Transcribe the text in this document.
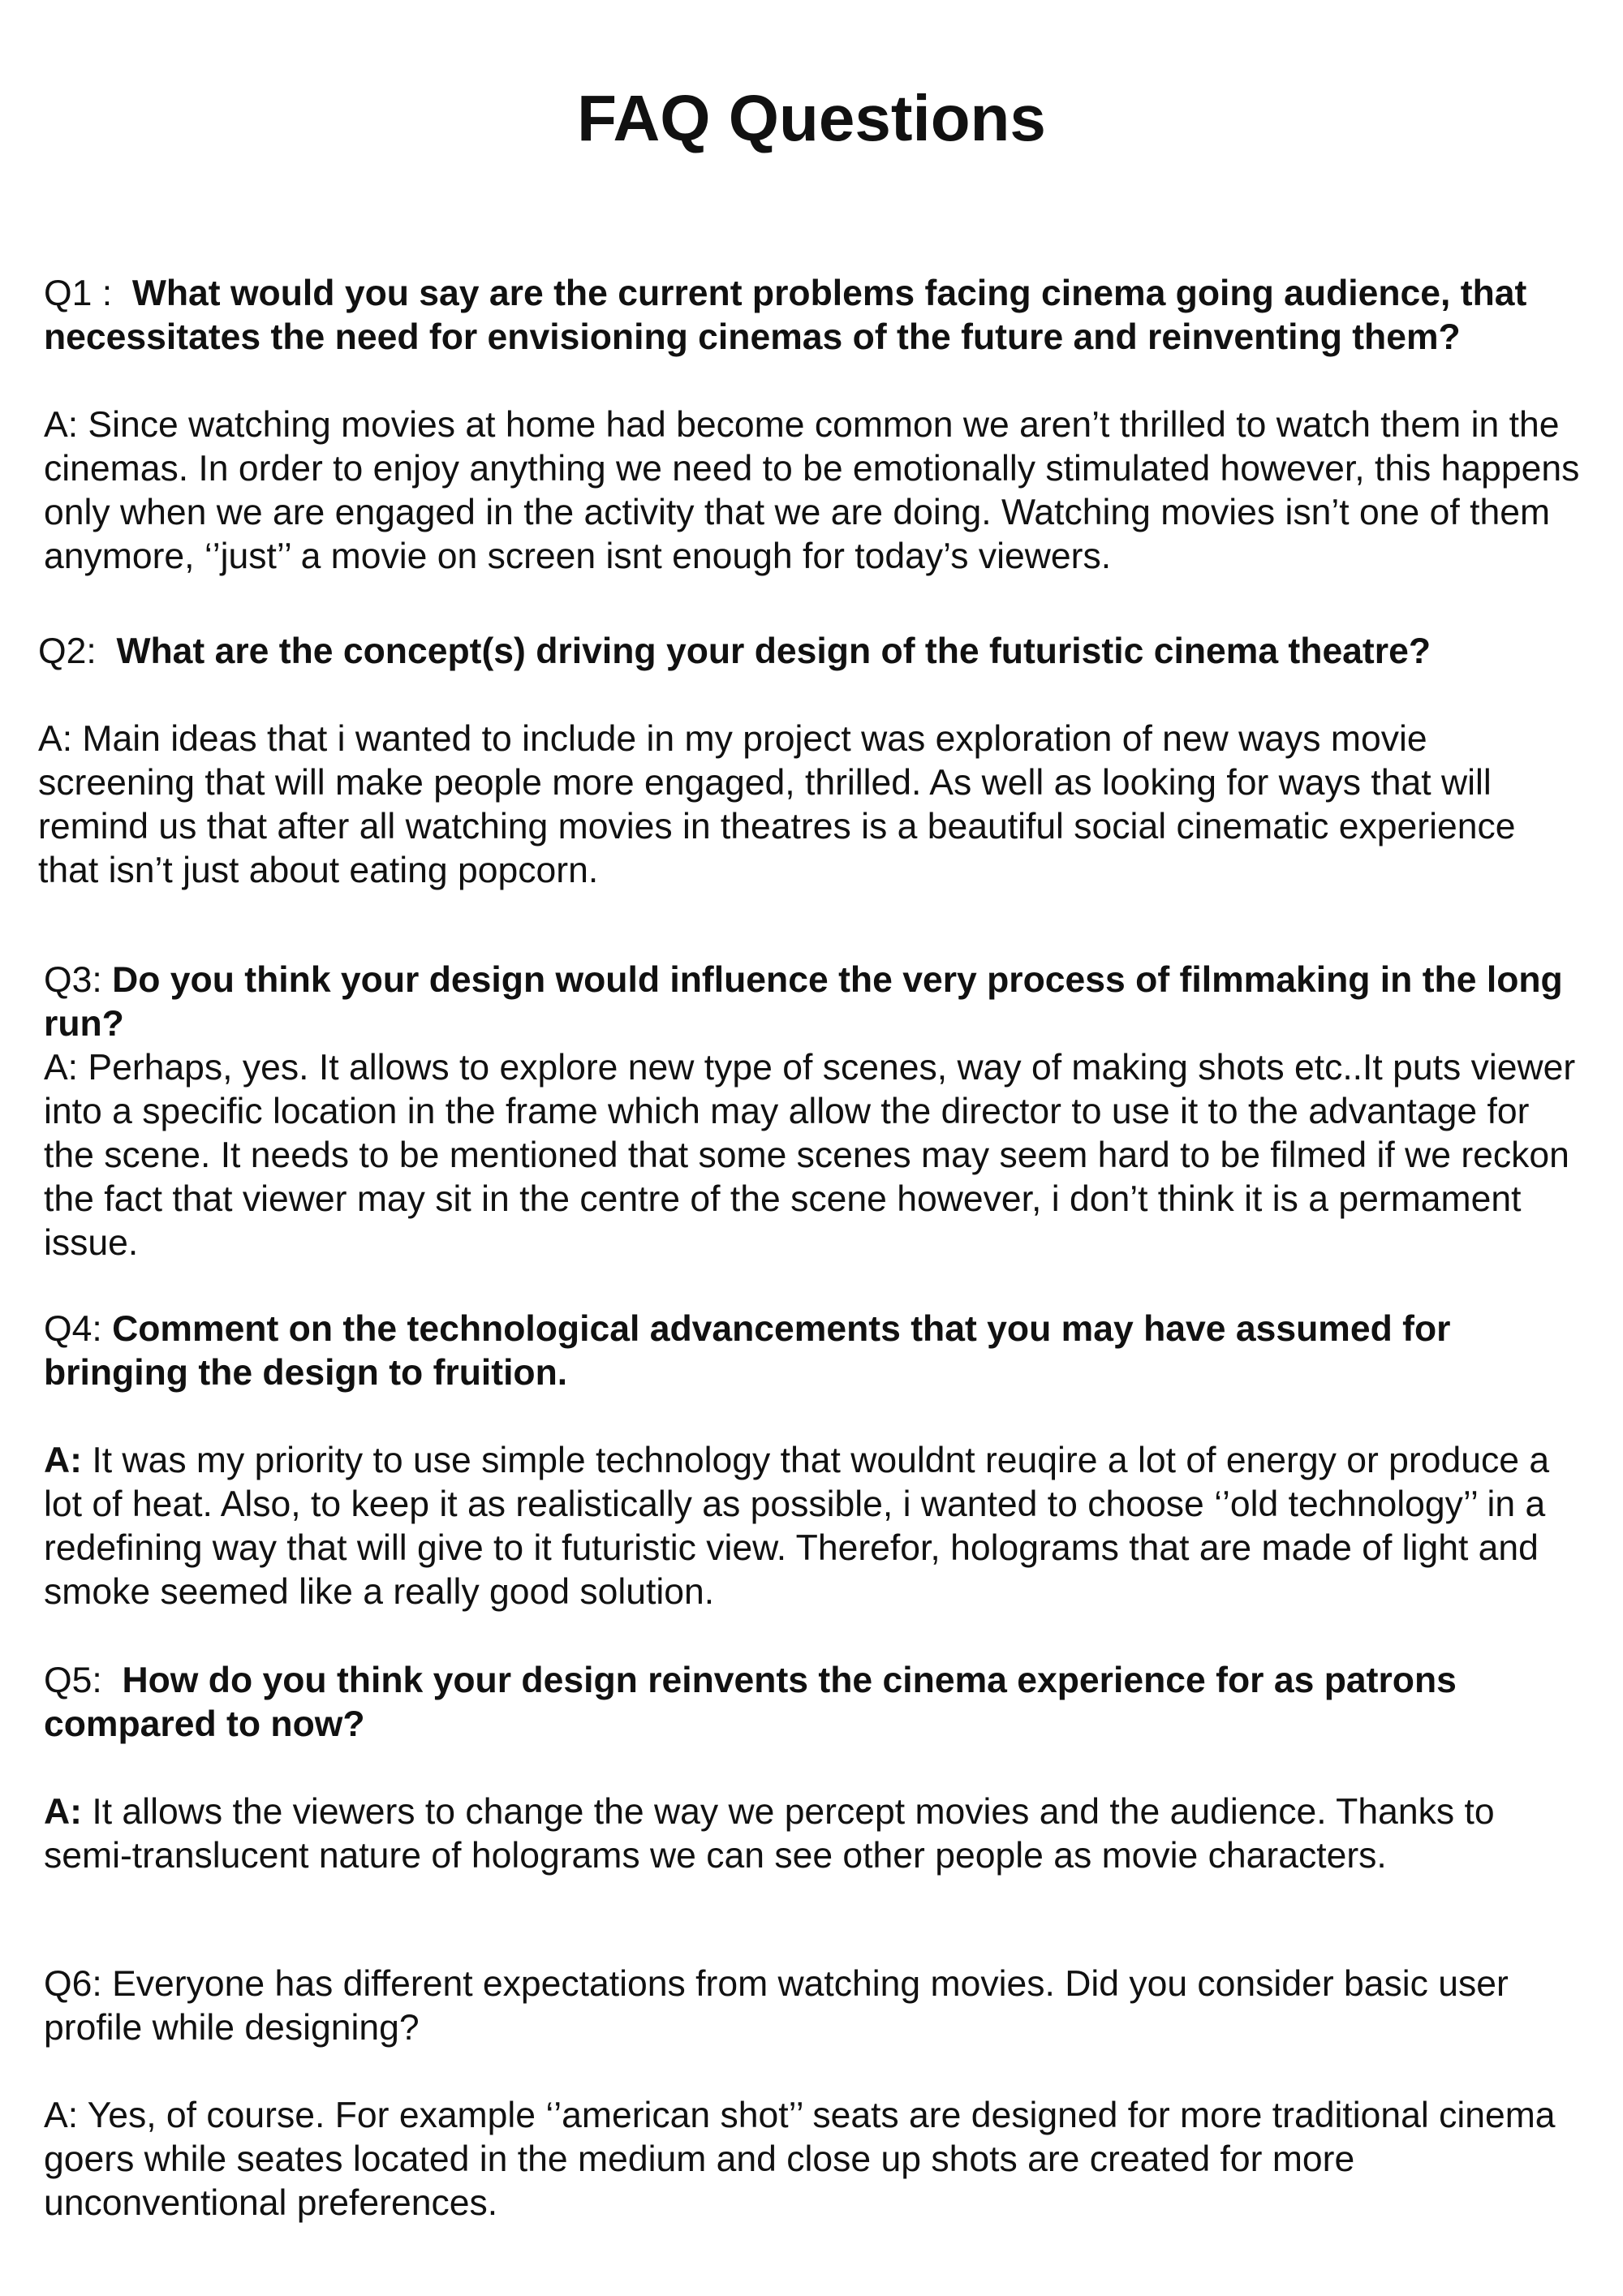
FAQ Questions

Q1 : What would you say are the current problems facing cinema going audience, that necessitates the need for envisioning cinemas of the future and reinventing them?

A: Since watching movies at home had become common we aren’t thrilled to watch them in the cinemas. In order to enjoy anything we need to be emotionally stimulated however, this happens only when we are engaged in the activity that we are doing. Watching movies isn’t one of them anymore, ‘’just’’ a movie on screen isnt enough for today’s viewers.

Q2: What are the concept(s) driving your design of the futuristic cinema theatre?

A: Main ideas that i wanted to include in my project was exploration of new ways movie screening that will make people more engaged, thrilled. As well as looking for ways that will remind us that after all watching movies in theatres is a beautiful social cinematic experience that isn’t just about eating popcorn.

Q3: Do you think your design would influence the very process of filmmaking in the long run?

A: Perhaps, yes. It allows to explore new type of scenes, way of making shots etc..It puts viewer into a specific location in the frame which may allow the director to use it to the advantage for the scene. It needs to be mentioned that some scenes may seem hard to be filmed if we reckon the fact that viewer may sit in the centre of the scene however, i don’t think it is a permament issue.

Q4: Comment on the technological advancements that you may have assumed for bringing the design to fruition.

A: It was my priority to use simple technology that wouldnt reuqire a lot of energy or produce a lot of heat. Also, to keep it as realistically as possible, i wanted to choose ‘’old technology’’ in a redefining way that will give to it futuristic view. Therefor, holograms that are made of light and smoke seemed like a really good solution.

Q5: How do you think your design reinvents the cinema experience for as patrons compared to now?

A: It allows the viewers to change the way we percept movies and the audience. Thanks to semi-translucent nature of holograms we can see other people as movie characters.

Q6: Everyone has different expectations from watching movies. Did you consider basic user profile while designing?

A: Yes, of course. For example ‘’american shot’’ seats are designed for more traditional cinema goers while seates located in the medium and close up shots are created for more unconventional preferences.
